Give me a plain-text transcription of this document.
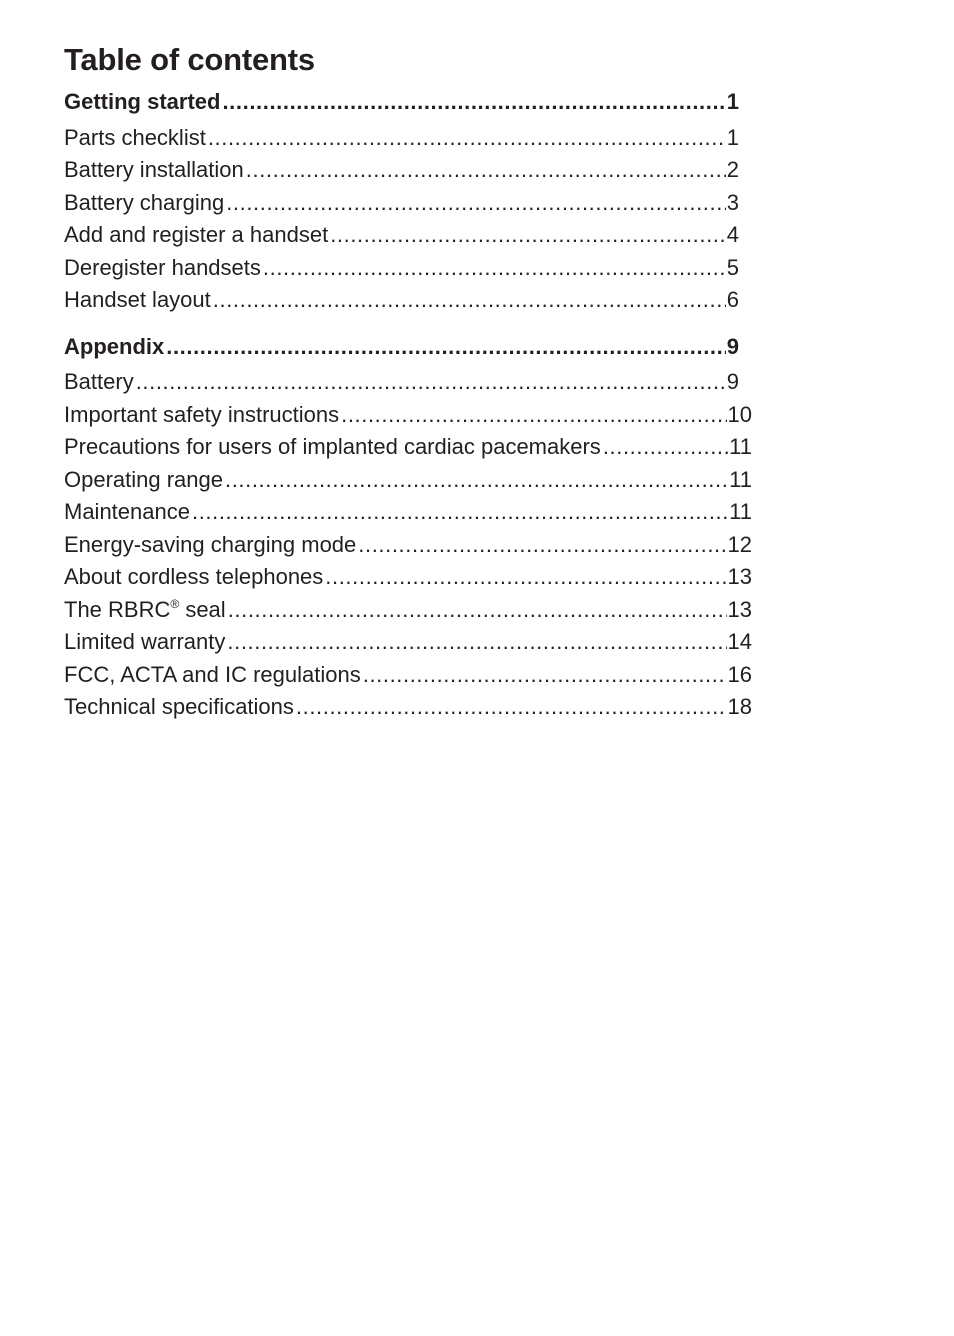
Table of contents
Getting started .....	1
Parts checklist .....	1
Battery installation .....	2
Battery charging .....	3
Add and register a handset .....	4
Deregister handsets .....	5
Handset layout .....	6
Appendix .....	9
Battery .....	9
Important safety instructions .....	10
Precautions for users of implanted cardiac pacemakers .....	11
Operating range .....	11
Maintenance .....	11
Energy-saving charging mode .....	12
About cordless telephones .....	13
The RBRC® seal .....	13
Limited warranty .....	14
FCC, ACTA and IC regulations .....	16
Technical specifications .....	18
